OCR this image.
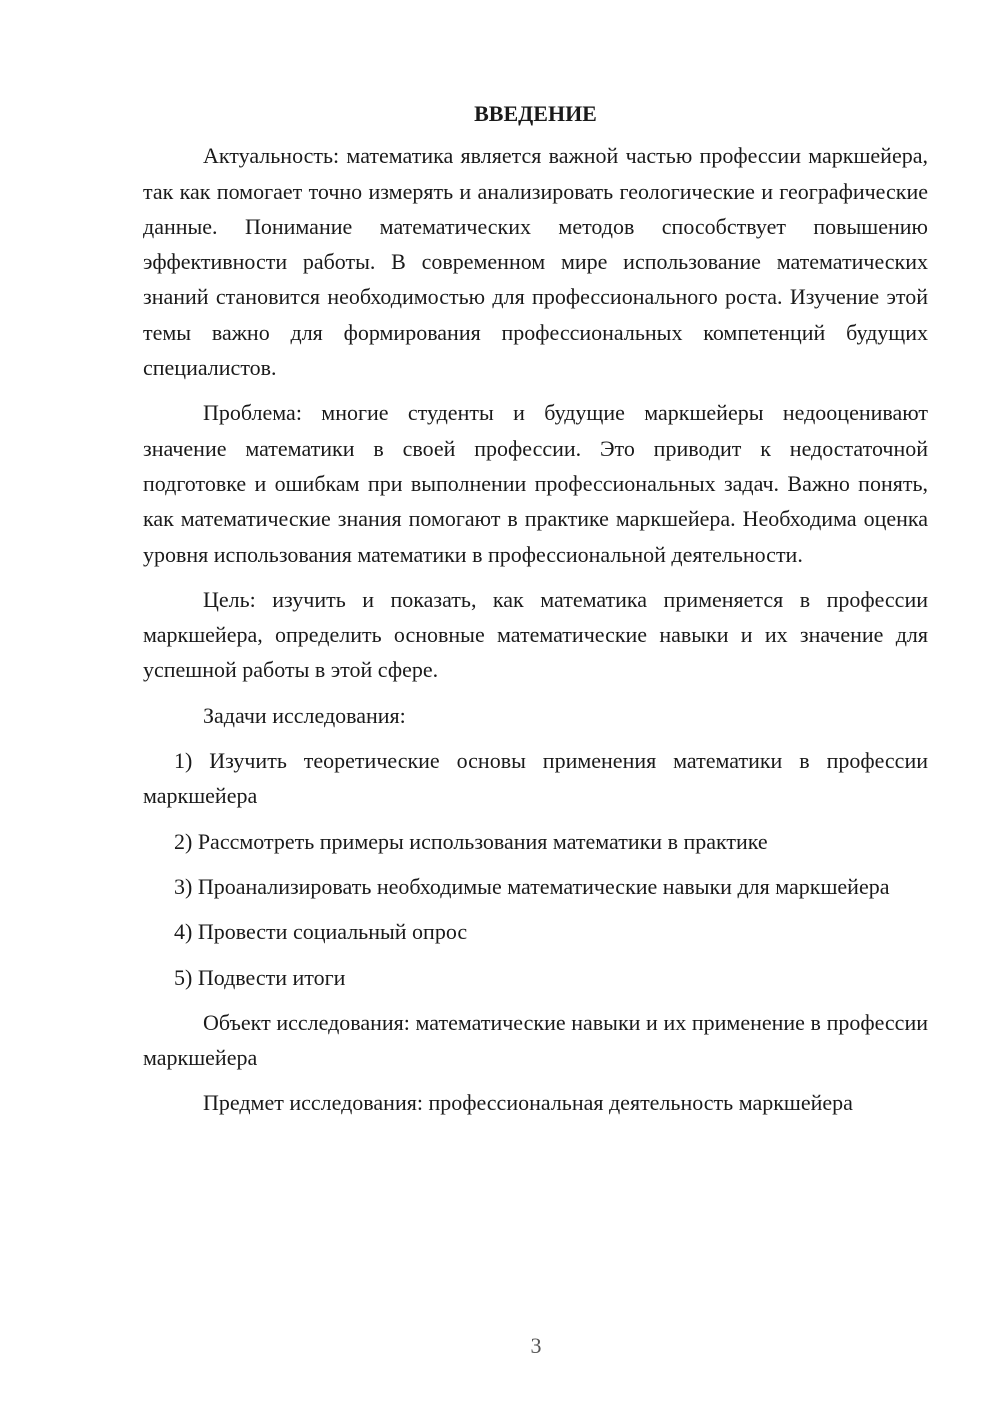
ВВЕДЕНИЕ

Актуальность: математика является важной частью профессии маркшейера, так как помогает точно измерять и анализировать геологические и географические данные. Понимание математических методов способствует повышению эффективности работы. В современном мире использование математических знаний становится необходимостью для профессионального роста. Изучение этой темы важно для формирования профессиональных компетенций будущих специалистов.

Проблема: многие студенты и будущие маркшейеры недооценивают значение математики в своей профессии. Это приводит к недостаточной подготовке и ошибкам при выполнении профессиональных задач. Важно понять, как математические знания помогают в практике маркшейера. Необходима оценка уровня использования математики в профессиональной деятельности.

Цель: изучить и показать, как математика применяется в профессии маркшейера, определить основные математические навыки и их значение для успешной работы в этой сфере.

Задачи исследования:

1) Изучить теоретические основы применения математики в профессии маркшейера

2) Рассмотреть примеры использования математики в практике

3) Проанализировать необходимые математические навыки для маркшейера

4) Провести социальный опрос

5) Подвести итоги

Объект исследования: математические навыки и их применение в профессии маркшейера

Предмет исследования: профессиональная деятельность маркшейера

3
